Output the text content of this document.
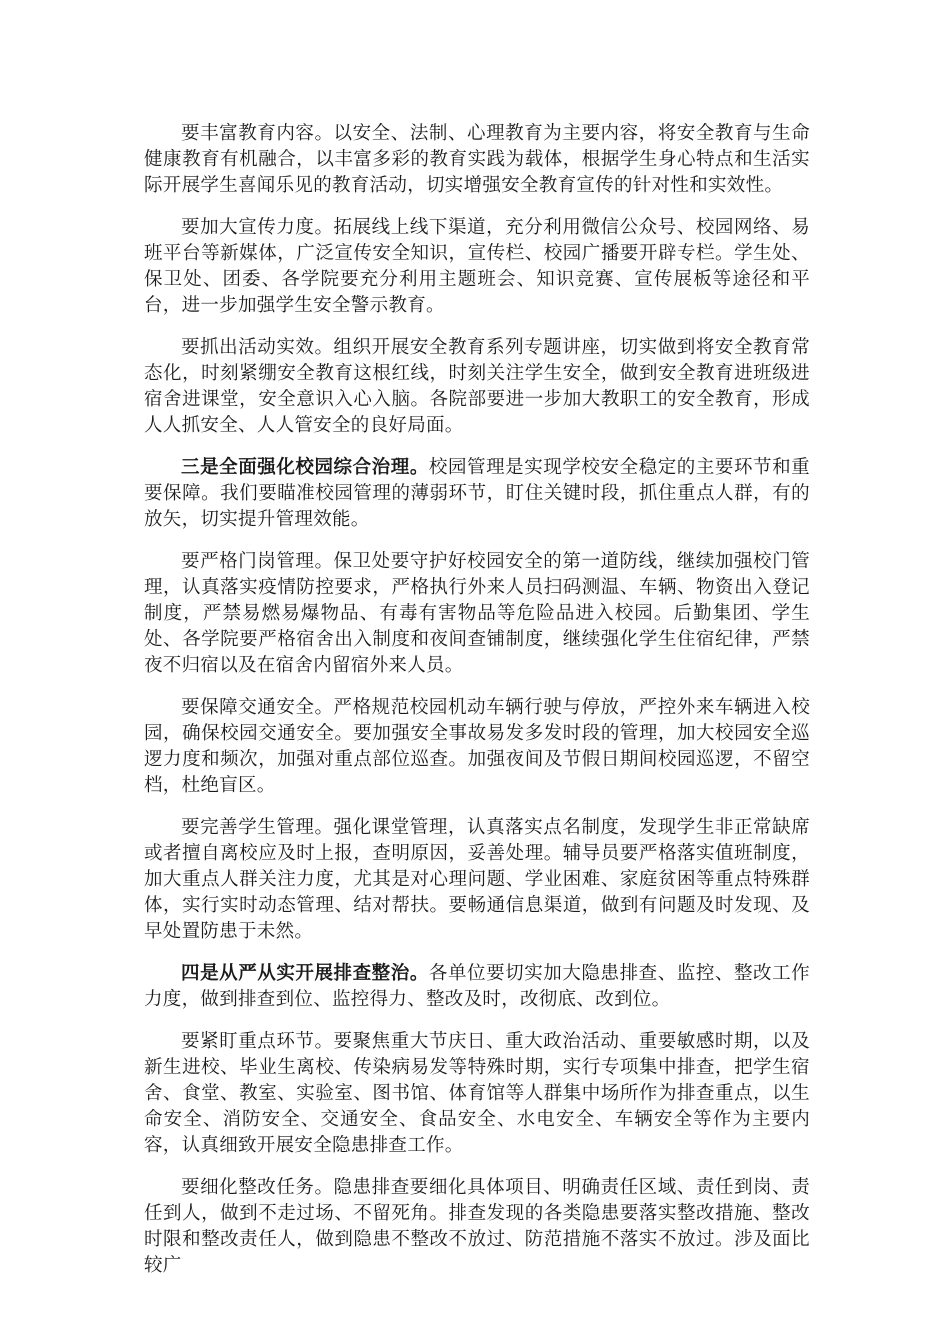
要丰富教育内容。以安全、法制、心理教育为主要内容，将安全教育与生命健康教育有机融合，以丰富多彩的教育实践为载体，根据学生身心特点和生活实际开展学生喜闻乐见的教育活动，切实增强安全教育宣传的针对性和实效性。

要加大宣传力度。拓展线上线下渠道，充分利用微信公众号、校园网络、易班平台等新媒体，广泛宣传安全知识，宣传栏、校园广播要开辟专栏。学生处、保卫处、团委、各学院要充分利用主题班会、知识竞赛、宣传展板等途径和平台，进一步加强学生安全警示教育。

要抓出活动实效。组织开展安全教育系列专题讲座，切实做到将安全教育常态化，时刻紧绷安全教育这根红线，时刻关注学生安全，做到安全教育进班级进宿舍进课堂，安全意识入心入脑。各院部要进一步加大教职工的安全教育，形成人人抓安全、人人管安全的良好局面。

三是全面强化校园综合治理。校园管理是实现学校安全稳定的主要环节和重要保障。我们要瞄准校园管理的薄弱环节，盯住关键时段，抓住重点人群，有的放矢，切实提升管理效能。

要严格门岗管理。保卫处要守护好校园安全的第一道防线，继续加强校门管理，认真落实疫情防控要求，严格执行外来人员扫码测温、车辆、物资出入登记制度，严禁易燃易爆物品、有毒有害物品等危险品进入校园。后勤集团、学生处、各学院要严格宿舍出入制度和夜间查铺制度，继续强化学生住宿纪律，严禁夜不归宿以及在宿舍内留宿外来人员。

要保障交通安全。严格规范校园机动车辆行驶与停放，严控外来车辆进入校园，确保校园交通安全。要加强安全事故易发多发时段的管理，加大校园安全巡逻力度和频次，加强对重点部位巡查。加强夜间及节假日期间校园巡逻，不留空档，杜绝盲区。

要完善学生管理。强化课堂管理，认真落实点名制度，发现学生非正常缺席或者擅自离校应及时上报，查明原因，妥善处理。辅导员要严格落实值班制度，加大重点人群关注力度，尤其是对心理问题、学业困难、家庭贫困等重点特殊群体，实行实时动态管理、结对帮扶。要畅通信息渠道，做到有问题及时发现、及早处置防患于未然。

四是从严从实开展排查整治。各单位要切实加大隐患排查、监控、整改工作力度，做到排查到位、监控得力、整改及时，改彻底、改到位。

要紧盯重点环节。要聚焦重大节庆日、重大政治活动、重要敏感时期，以及新生进校、毕业生离校、传染病易发等特殊时期，实行专项集中排查，把学生宿舍、食堂、教室、实验室、图书馆、体育馆等人群集中场所作为排查重点，以生命安全、消防安全、交通安全、食品安全、水电安全、车辆安全等作为主要内容，认真细致开展安全隐患排查工作。

要细化整改任务。隐患排查要细化具体项目、明确责任区域、责任到岗、责任到人，做到不走过场、不留死角。排查发现的各类隐患要落实整改措施、整改时限和整改责任人，做到隐患不整改不放过、防范措施不落实不放过。涉及面比较广
